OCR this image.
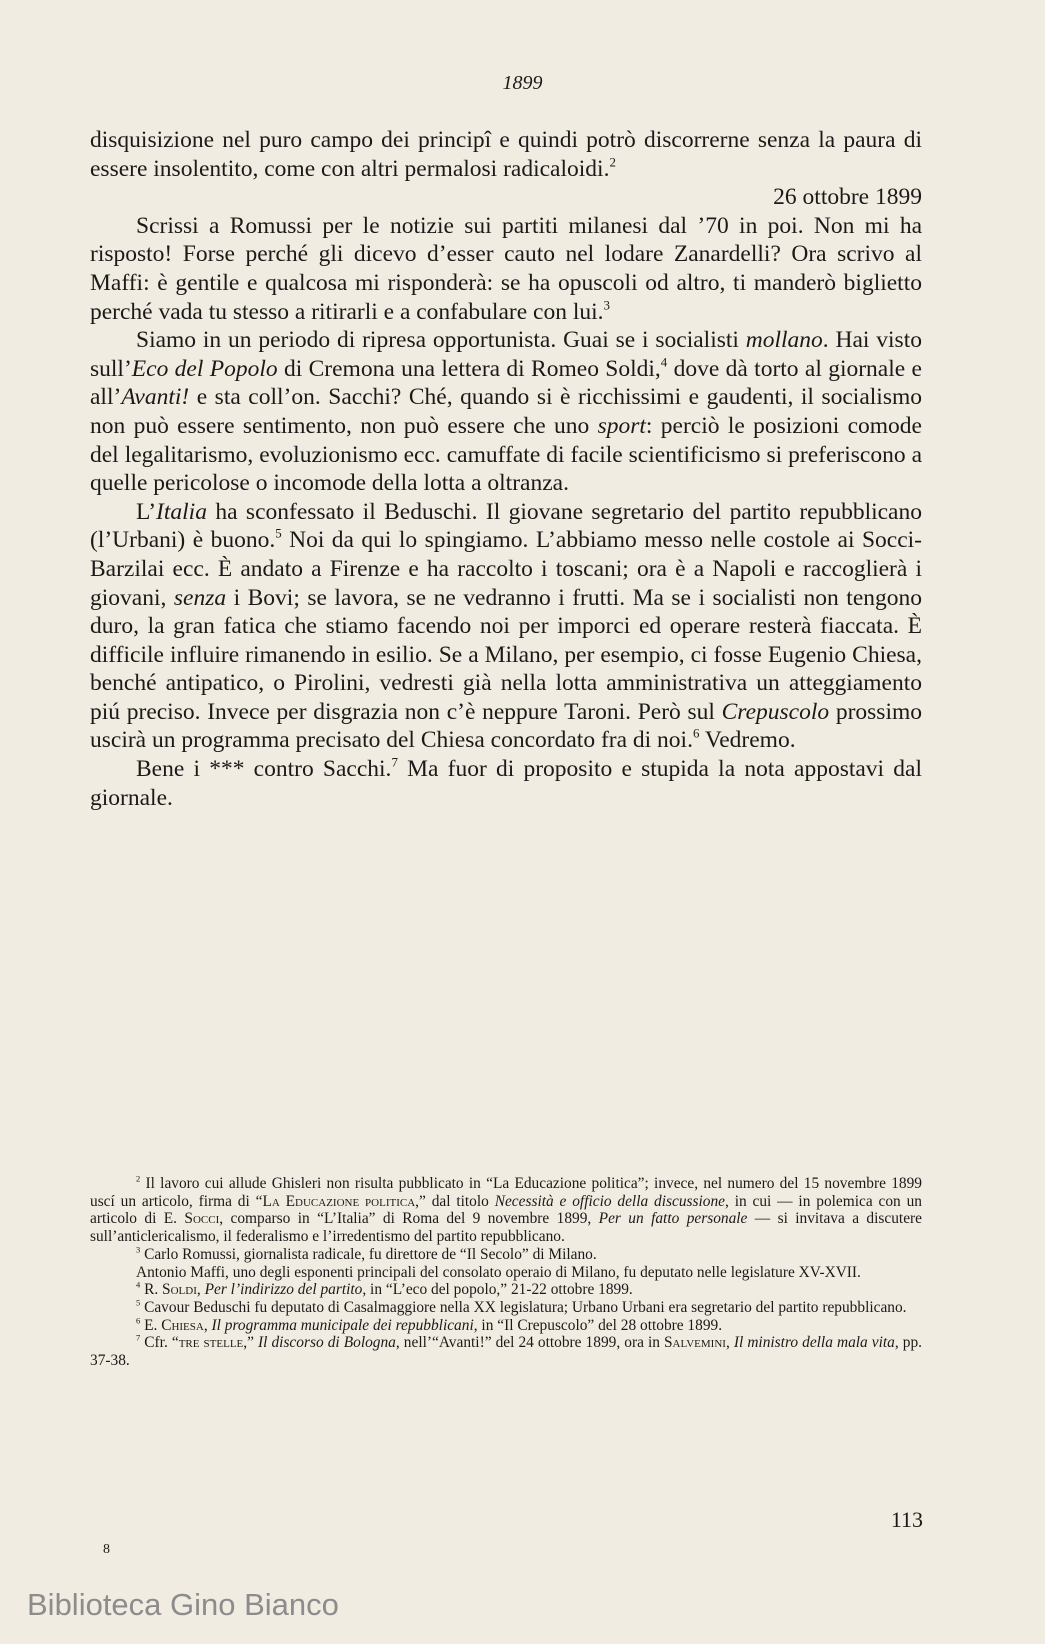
1899

disquisizione nel puro campo dei principî e quindi potrò discorrerne senza la paura di essere insolentito, come con altri permalosi radicaloidi.$^2$

26 ottobre 1899

Scrissi a Romussi per le notizie sui partiti milanesi dal ’70 in poi. Non mi ha risposto! Forse perché gli dicevo d’esser cauto nel lodare Zanardelli? Ora scrivo al Maffi: è gentile e qualcosa mi risponderà: se ha opuscoli od altro, ti manderò biglietto perché vada tu stesso a ritirarli e a confabulare con lui.$^3$

Siamo in un periodo di ripresa opportunista. Guai se i socialisti mollano. Hai visto sull’Eco del Popolo di Cremona una lettera di Romeo Soldi,$^4$ dove dà torto al giornale e all’Avanti! e sta coll’on. Sacchi? Ché, quando si è ricchissimi e gaudenti, il socialismo non può essere sentimento, non può essere che uno sport: perciò le posizioni comode del legalitarismo, evoluzionismo ecc. camuffate di facile scientificismo si preferiscono a quelle pericolose o incomode della lotta a oltranza.

L’Italia ha sconfessato il Beduschi. Il giovane segretario del partito repubblicano (l’Urbani) è buono.$^5$ Noi da qui lo spingiamo. L’abbiamo messo nelle costole ai Socci-Barzilai ecc. È andato a Firenze e ha raccolto i toscani; ora è a Napoli e raccoglierà i giovani, senza i Bovi; se lavora, se ne vedranno i frutti. Ma se i socialisti non tengono duro, la gran fatica che stiamo facendo noi per imporci ed operare resterà fiaccata. È difficile influire rimanendo in esilio. Se a Milano, per esempio, ci fosse Eugenio Chiesa, benché antipatico, o Pirolini, vedresti già nella lotta amministrativa un atteggiamento piú preciso. Invece per disgrazia non c’è neppure Taroni. Però sul Crepuscolo prossimo uscirà un programma precisato del Chiesa concordato fra di noi.$^6$ Vedremo.

Bene i *** contro Sacchi.$^7$ Ma fuor di proposito e stupida la nota appostavi dal giornale.

$^2$ Il lavoro cui allude Ghisleri non risulta pubblicato in “La Educazione politica”; invece, nel numero del 15 novembre 1899 uscí un articolo, firma di “La Educazione politica,” dal titolo Necessità e officio della discussione, in cui — in polemica con un articolo di E. Socci, comparso in “L’Italia” di Roma del 9 novembre 1899, Per un fatto personale — si invitava a discutere sull’anticlericalismo, il federalismo e l’irredentismo del partito repubblicano.

$^3$ Carlo Romussi, giornalista radicale, fu direttore de “Il Secolo” di Milano.

Antonio Maffi, uno degli esponenti principali del consolato operaio di Milano, fu deputato nelle legislature XV-XVII.

$^4$ R. Soldi, Per l’indirizzo del partito, in “L’eco del popolo,” 21-22 ottobre 1899.

$^5$ Cavour Beduschi fu deputato di Casalmaggiore nella XX legislatura; Urbano Urbani era segretario del partito repubblicano.

$^6$ E. Chiesa, Il programma municipale dei repubblicani, in “Il Crepuscolo” del 28 ottobre 1899.

$^7$ Cfr. “tre stelle,” Il discorso di Bologna, nell’“Avanti!” del 24 ottobre 1899, ora in Salvemini, Il ministro della mala vita, pp. 37-38.

113
8
Biblioteca Gino Bianco
